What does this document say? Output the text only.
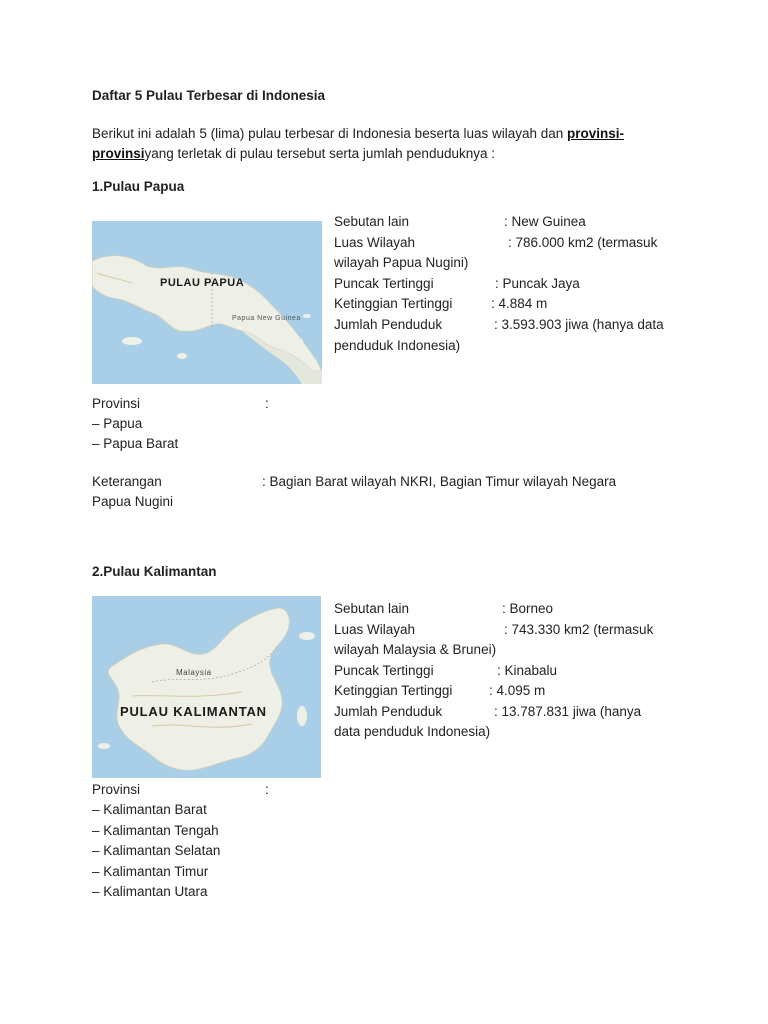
Daftar 5 Pulau Terbesar di Indonesia
Berikut ini adalah 5 (lima) pulau terbesar di Indonesia beserta luas wilayah dan provinsi-
provinsiyang terletak di pulau tersebut serta jumlah penduduknya :
1.Pulau Papua
PULAU PAPUA
Papua New Guinea
Sebutan lain	: New Guinea
Luas Wilayah	: 786.000 km2 (termasuk
wilayah Papua Nugini)
Puncak Tertinggi	: Puncak Jaya
Ketinggian Tertinggi	: 4.884 m
Jumlah Penduduk	: 3.593.903 jiwa (hanya data
penduduk Indonesia)
Provinsi	:
– Papua
– Papua Barat
Keterangan	: Bagian Barat wilayah NKRI, Bagian Timur wilayah Negara
Papua Nugini
2.Pulau Kalimantan
PULAU KALIMANTAN
Malaysia
Sebutan lain	: Borneo
Luas Wilayah	: 743.330 km2 (termasuk
wilayah Malaysia & Brunei)
Puncak Tertinggi	: Kinabalu
Ketinggian Tertinggi	: 4.095 m
Jumlah Penduduk	: 13.787.831 jiwa (hanya
data penduduk Indonesia)
Provinsi	:
– Kalimantan Barat
– Kalimantan Tengah
– Kalimantan Selatan
– Kalimantan Timur
– Kalimantan Utara
